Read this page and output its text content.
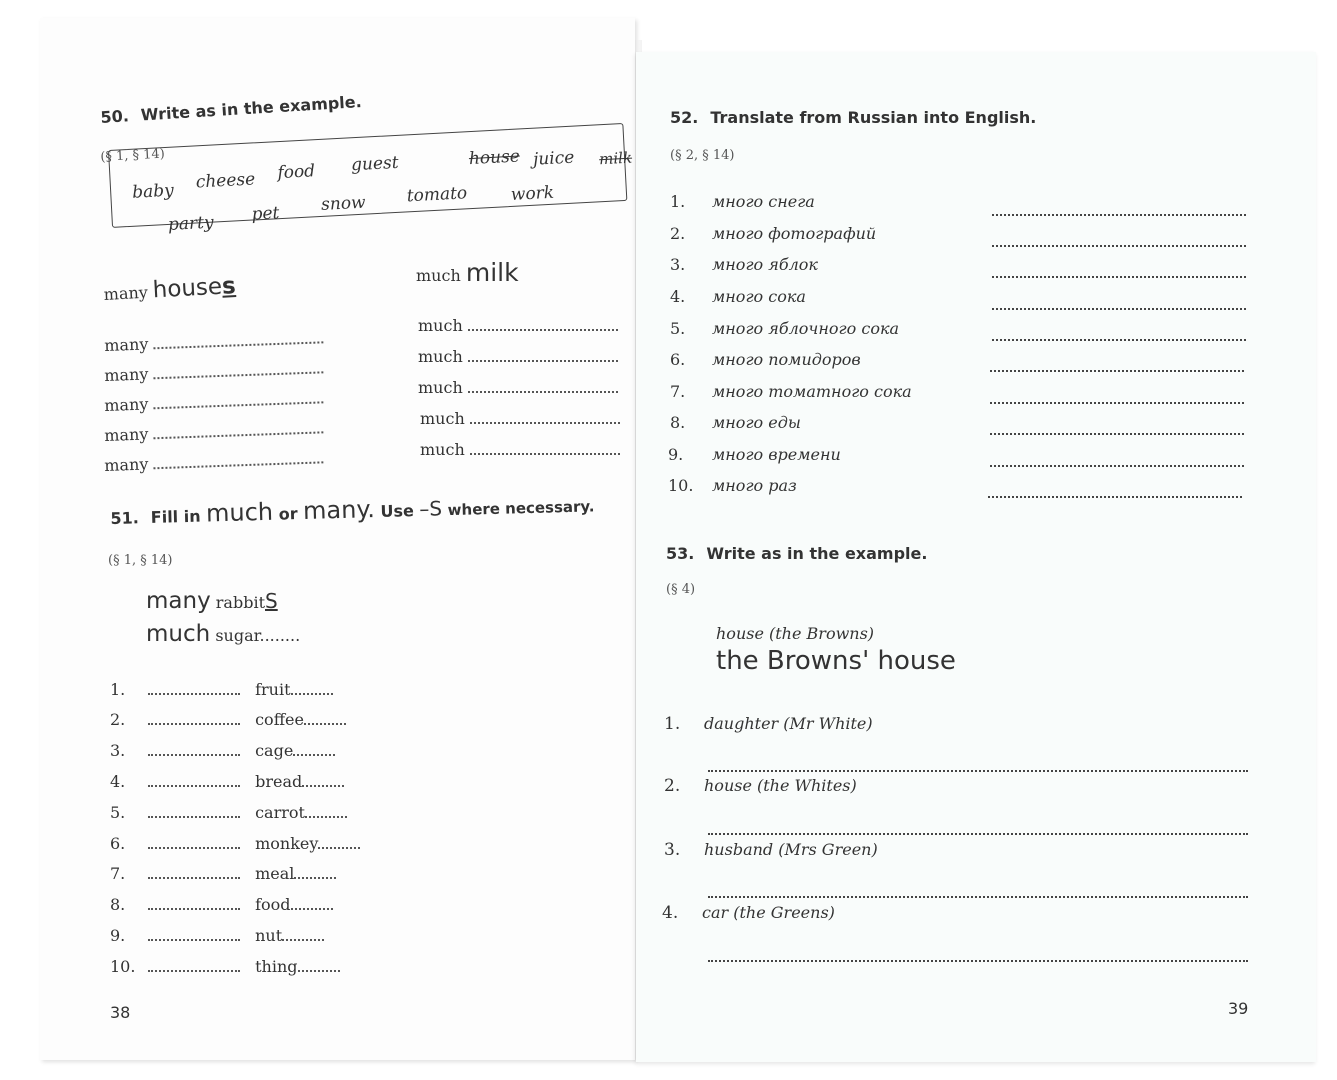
50. Write as in the example.
(§ 1, § 14)
baby cheese food guest	house juice milk
party pet snow tomato	work
many houses	much milk
many
many
many
many
many
much
much
much
much
much
51. Fill in much or many. Use –S where necessary.
(§ 1, § 14)
many rabbitS
much sugar........
1.	fruit
2.	coffee
3.	cage
4.	bread
5.	carrot
6.	monkey
7.	meal
8.	food
9.	nut
10.	thing
38
52. Translate from Russian into English.
(§ 2, § 14)
1. много снега
2. много фотографий
3. много яблок
4. много сока
5. много яблочного сока
6. много помидоров
7. много томатного сока
8. много еды
9. много времени
10. много раз
53. Write as in the example.
(§ 4)
house (the Browns)
the Browns' house
1. daughter (Mr White)
2. house (the Whites)
3. husband (Mrs Green)
4. car (the Greens)
39
